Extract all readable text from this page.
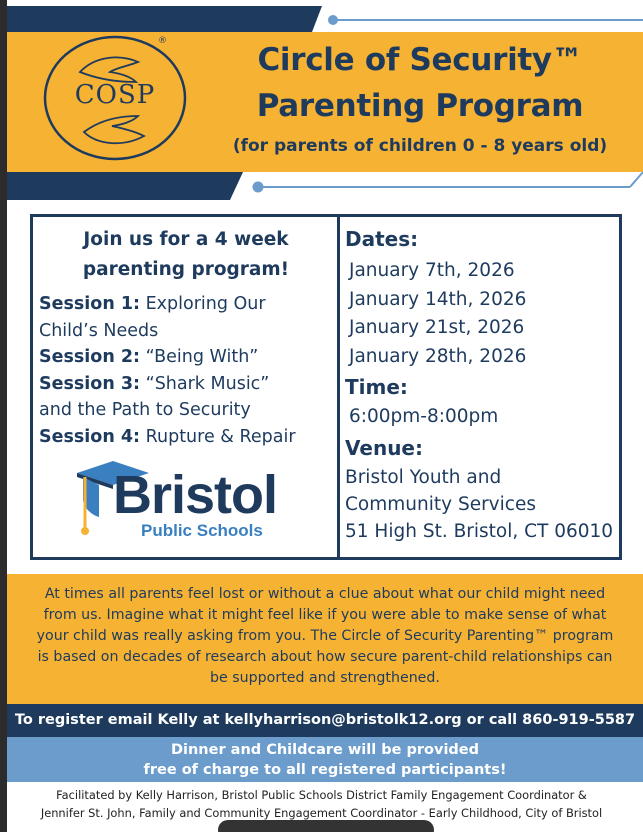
®
COSP
Circle of Security™
Parenting Program
(for parents of children 0 - 8 years old)
Join us for a 4 week
parenting program!
Session 1: Exploring Our
Child’s Needs
Session 2: “Being With”
Session 3: “Shark Music”
and the Path to Security
Session 4: Rupture & Repair
Bristol
Public Schools
Dates:
January 7th, 2026
January 14th, 2026
January 21st, 2026
January 28th, 2026
Time:
6:00pm-8:00pm
Venue:
Bristol Youth and
Community Services
51 High St. Bristol, CT 06010
At times all parents feel lost or without a clue about what our child might need from us. Imagine what it might feel like if you were able to make sense of what your child was really asking from you. The Circle of Security Parenting™ program is based on decades of research about how secure parent-child relationships can be supported and strengthened.
To register email Kelly at kellyharrison@bristolk12.org or call 860-919-5587
Dinner and Childcare will be provided
free of charge to all registered participants!
Facilitated by Kelly Harrison, Bristol Public Schools District Family Engagement Coordinator &
Jennifer St. John, Family and Community Engagement Coordinator - Early Childhood, City of Bristol
